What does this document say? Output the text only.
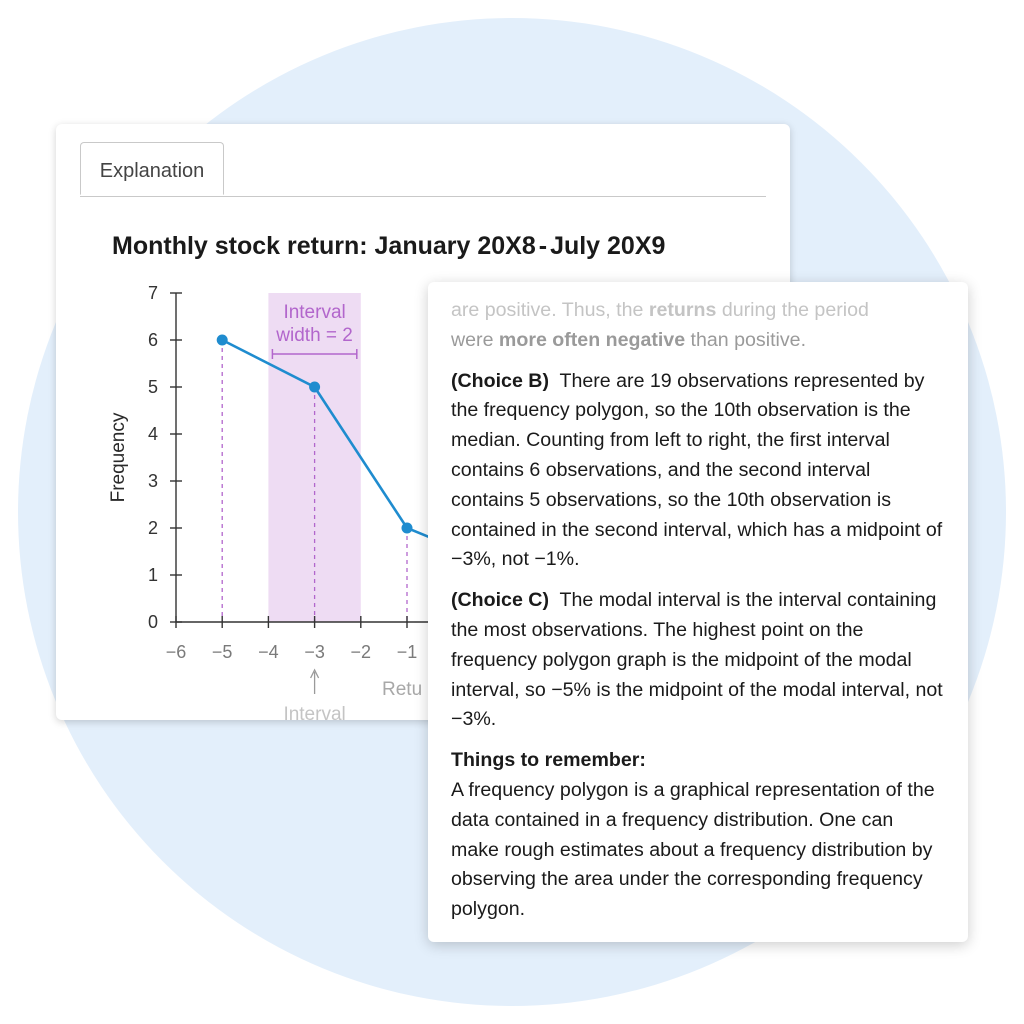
Explanation
Monthly stock return: January 20X8 - July 20X9
0
1
2
3
4
5
6
7
−6 −5 −4 −3 −2 −1
Interval
width = 2
Frequency
Retu
Interval

are positive. Thus, the returns during the period

were more often negative than positive.

(Choice B) There are 19 observations represented by the frequency polygon, so the 10th observation is the median. Counting from left to right, the first interval contains 6 observations, and the second interval contains 5 observations, so the 10th observation is contained in the second interval, which has a midpoint of −3%, not −1%.

(Choice C) The modal interval is the interval containing the most observations. The highest point on the frequency polygon graph is the midpoint of the modal interval, so −5% is the midpoint of the modal interval, not −3%.

Things to remember:
A frequency polygon is a graphical representation of the data contained in a frequency distribution. One can make rough estimates about a frequency distribution by observing the area under the corresponding frequency polygon.
